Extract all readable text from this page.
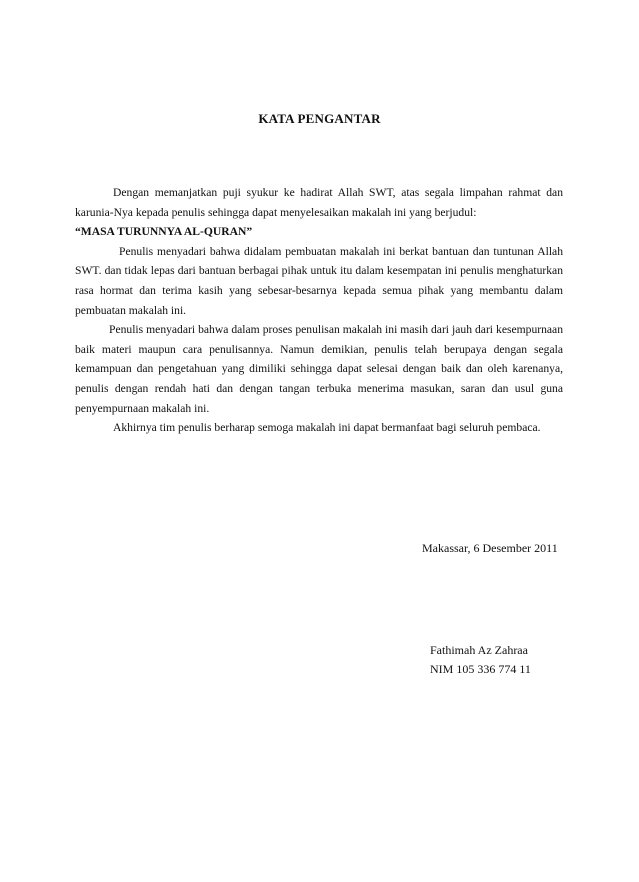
KATA PENGANTAR

Dengan memanjatkan puji syukur ke hadirat Allah SWT, atas segala limpahan rahmat dan karunia-Nya kepada penulis sehingga dapat menyelesaikan makalah ini yang berjudul:
“MASA TURUNNYA AL-QURAN”

Penulis menyadari bahwa didalam pembuatan makalah ini berkat bantuan dan tuntunan Allah SWT. dan tidak lepas dari bantuan berbagai pihak untuk itu dalam kesempatan ini penulis menghaturkan rasa hormat dan terima kasih yang sebesar-besarnya kepada semua pihak yang membantu dalam pembuatan makalah ini.

Penulis menyadari bahwa dalam proses penulisan makalah ini masih dari jauh dari kesempurnaan baik materi maupun cara penulisannya. Namun demikian, penulis telah berupaya dengan segala kemampuan dan pengetahuan yang dimiliki sehingga dapat selesai dengan baik dan oleh karenanya, penulis dengan rendah hati dan dengan tangan terbuka menerima masukan, saran dan usul guna penyempurnaan makalah ini.

Akhirnya tim penulis berharap semoga makalah ini dapat bermanfaat bagi seluruh pembaca.

Makassar, 6 Desember 2011
Fathimah Az Zahraa
NIM 105 336 774 11
